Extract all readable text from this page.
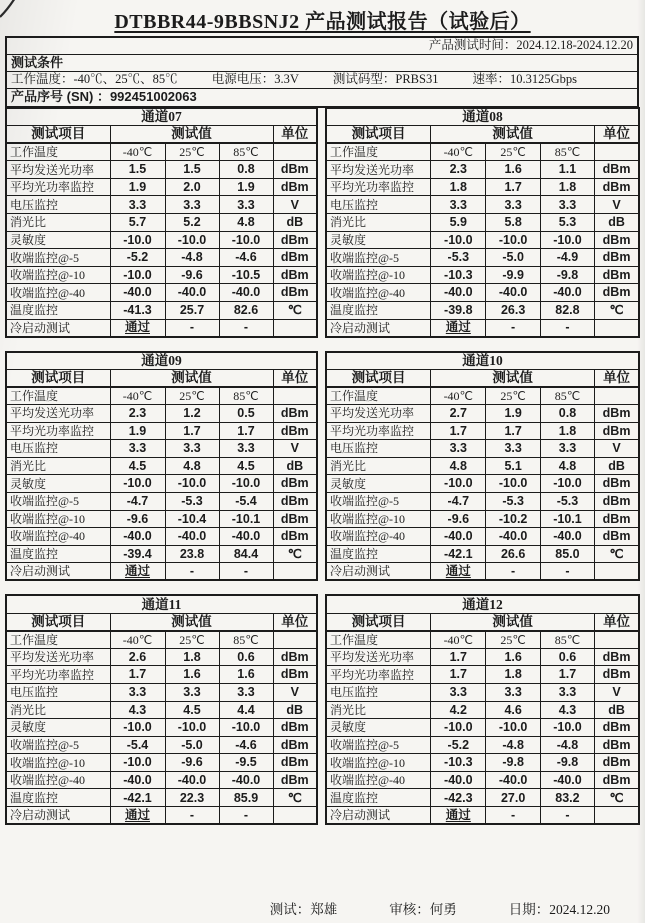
DTBBR44-9BBSNJ2 产品测试报告（试验后）
产品测试时间：2024.12.18-2024.12.20
测试条件
工作温度：-40℃、25℃、85℃	电源电压：3.3V	测试码型：PRBS31	速率：10.3125Gbps
产品序号 (SN) ：992451002063
通道07				
测试项目	测试值			单位
工作温度	-40℃	25℃	85℃	
平均发送光功率	1.5	1.5	0.8	dBm
平均光功率监控	1.9	2.0	1.9	dBm
电压监控	3.3	3.3	3.3	V
消光比	5.7	5.2	4.8	dB
灵敏度	-10.0	-10.0	-10.0	dBm
收端监控@-5	-5.2	-4.8	-4.6	dBm
收端监控@-10	-10.0	-9.6	-10.5	dBm
收端监控@-40	-40.0	-40.0	-40.0	dBm
温度监控	-41.3	25.7	82.6	℃
冷启动测试	通过	-	-	
通道08				
测试项目	测试值			单位
工作温度	-40℃	25℃	85℃	
平均发送光功率	2.3	1.6	1.1	dBm
平均光功率监控	1.8	1.7	1.8	dBm
电压监控	3.3	3.3	3.3	V
消光比	5.9	5.8	5.3	dB
灵敏度	-10.0	-10.0	-10.0	dBm
收端监控@-5	-5.3	-5.0	-4.9	dBm
收端监控@-10	-10.3	-9.9	-9.8	dBm
收端监控@-40	-40.0	-40.0	-40.0	dBm
温度监控	-39.8	26.3	82.8	℃
冷启动测试	通过	-	-	
通道09				
测试项目	测试值			单位
工作温度	-40℃	25℃	85℃	
平均发送光功率	2.3	1.2	0.5	dBm
平均光功率监控	1.9	1.7	1.7	dBm
电压监控	3.3	3.3	3.3	V
消光比	4.5	4.8	4.5	dB
灵敏度	-10.0	-10.0	-10.0	dBm
收端监控@-5	-4.7	-5.3	-5.4	dBm
收端监控@-10	-9.6	-10.4	-10.1	dBm
收端监控@-40	-40.0	-40.0	-40.0	dBm
温度监控	-39.4	23.8	84.4	℃
冷启动测试	通过	-	-	
通道10				
测试项目	测试值			单位
工作温度	-40℃	25℃	85℃	
平均发送光功率	2.7	1.9	0.8	dBm
平均光功率监控	1.7	1.7	1.8	dBm
电压监控	3.3	3.3	3.3	V
消光比	4.8	5.1	4.8	dB
灵敏度	-10.0	-10.0	-10.0	dBm
收端监控@-5	-4.7	-5.3	-5.3	dBm
收端监控@-10	-9.6	-10.2	-10.1	dBm
收端监控@-40	-40.0	-40.0	-40.0	dBm
温度监控	-42.1	26.6	85.0	℃
冷启动测试	通过	-	-	
通道11				
测试项目	测试值			单位
工作温度	-40℃	25℃	85℃	
平均发送光功率	2.6	1.8	0.6	dBm
平均光功率监控	1.7	1.6	1.6	dBm
电压监控	3.3	3.3	3.3	V
消光比	4.3	4.5	4.4	dB
灵敏度	-10.0	-10.0	-10.0	dBm
收端监控@-5	-5.4	-5.0	-4.6	dBm
收端监控@-10	-10.0	-9.6	-9.5	dBm
收端监控@-40	-40.0	-40.0	-40.0	dBm
温度监控	-42.1	22.3	85.9	℃
冷启动测试	通过	-	-	
通道12				
测试项目	测试值			单位
工作温度	-40℃	25℃	85℃	
平均发送光功率	1.7	1.6	0.6	dBm
平均光功率监控	1.7	1.8	1.7	dBm
电压监控	3.3	3.3	3.3	V
消光比	4.2	4.6	4.3	dB
灵敏度	-10.0	-10.0	-10.0	dBm
收端监控@-5	-5.2	-4.8	-4.8	dBm
收端监控@-10	-10.3	-9.8	-9.8	dBm
收端监控@-40	-40.0	-40.0	-40.0	dBm
温度监控	-42.3	27.0	83.2	℃
冷启动测试	通过	-	-	
测试：郑雄	审核：何勇	日期：2024.12.20
